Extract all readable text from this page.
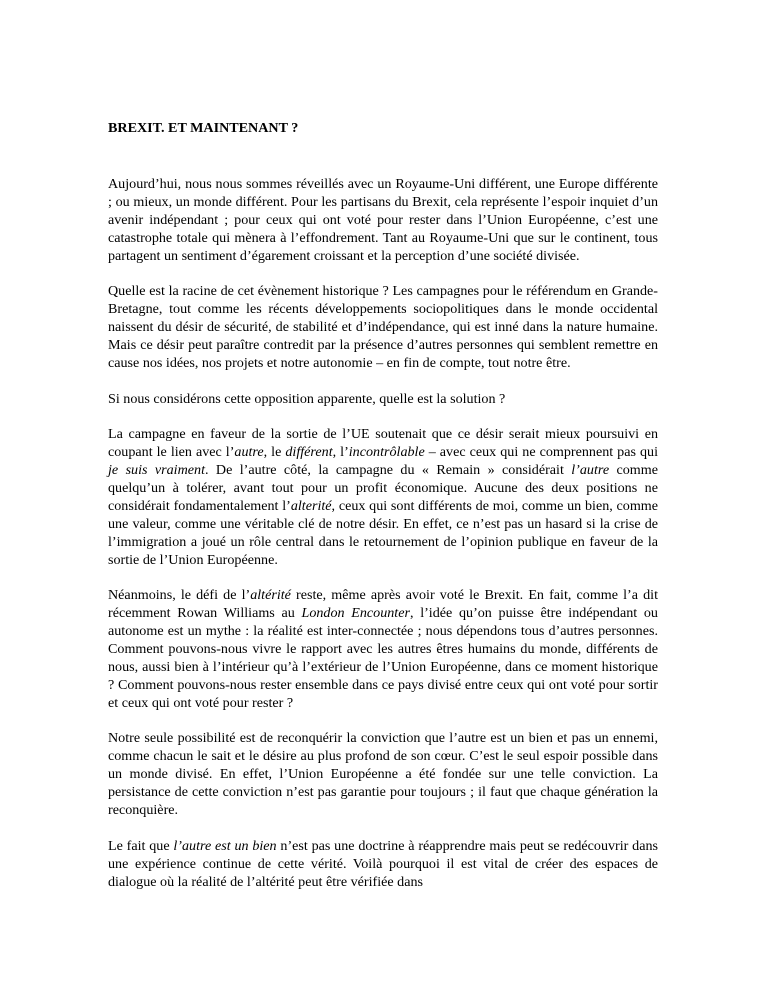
BREXIT. ET MAINTENANT ?

Aujourd’hui, nous nous sommes réveillés avec un Royaume-Uni différent, une Europe différente ; ou mieux, un monde différent. Pour les partisans du Brexit, cela représente l’espoir inquiet d’un avenir indépendant ; pour ceux qui ont voté pour rester dans l’Union Européenne, c’est une catastrophe totale qui mènera à l’effondrement. Tant au Royaume-Uni que sur le continent, tous partagent un sentiment d’égarement croissant et la perception d’une société divisée.

Quelle est la racine de cet évènement historique ? Les campagnes pour le référendum en Grande-Bretagne, tout comme les récents développements sociopolitiques dans le monde occidental naissent du désir de sécurité, de stabilité et d’indépendance, qui est inné dans la nature humaine. Mais ce désir peut paraître contredit par la présence d’autres personnes qui semblent remettre en cause nos idées, nos projets et notre autonomie – en fin de compte, tout notre être.

Si nous considérons cette opposition apparente, quelle est la solution ?

La campagne en faveur de la sortie de l’UE soutenait que ce désir serait mieux poursuivi en coupant le lien avec l’autre, le différent, l’incontrôlable – avec ceux qui ne comprennent pas qui je suis vraiment. De l’autre côté, la campagne du « Remain » considérait l’autre comme quelqu’un à tolérer, avant tout pour un profit économique. Aucune des deux positions ne considérait fondamentalement l’alterité, ceux qui sont différents de moi, comme un bien, comme une valeur, comme une véritable clé de notre désir. En effet, ce n’est pas un hasard si la crise de l’immigration a joué un rôle central dans le retournement de l’opinion publique en faveur de la sortie de l’Union Européenne.

Néanmoins, le défi de l’altérité reste, même après avoir voté le Brexit. En fait, comme l’a dit récemment Rowan Williams au London Encounter, l’idée qu’on puisse être indépendant ou autonome est un mythe : la réalité est inter-connectée ; nous dépendons tous d’autres personnes. Comment pouvons-nous vivre le rapport avec les autres êtres humains du monde, différents de nous, aussi bien à l’intérieur qu’à l’extérieur de l’Union Européenne, dans ce moment historique ? Comment pouvons-nous rester ensemble dans ce pays divisé entre ceux qui ont voté pour sortir et ceux qui ont voté pour rester ?

Notre seule possibilité est de reconquérir la conviction que l’autre est un bien et pas un ennemi, comme chacun le sait et le désire au plus profond de son cœur. C’est le seul espoir possible dans un monde divisé. En effet, l’Union Européenne a été fondée sur une telle conviction. La persistance de cette conviction n’est pas garantie pour toujours ; il faut que chaque génération la reconquière.

Le fait que l’autre est un bien n’est pas une doctrine à réapprendre mais peut se redécouvrir dans une expérience continue de cette vérité. Voilà pourquoi il est vital de créer des espaces de dialogue où la réalité de l’altérité peut être vérifiée dans
